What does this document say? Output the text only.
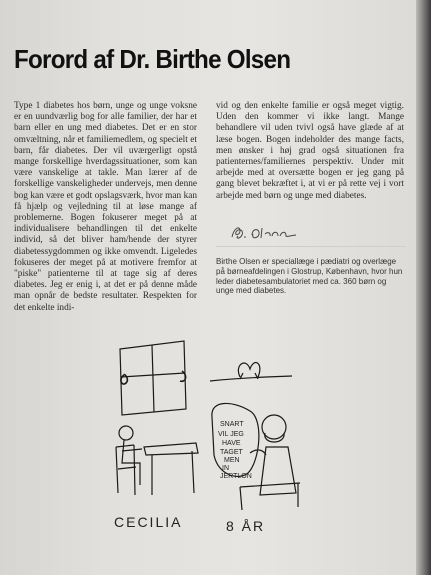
Forord af Dr. Birthe Olsen

Type 1 diabetes hos børn, unge og unge voksne er en uundværlig bog for alle familier, der har et barn eller en ung med diabetes. Det er en stor omvæltning, når et familiemedlem, og specielt et barn, får diabetes. Der vil uværgerligt opstå mange forskellige hverdagssituationer, som kan være vanskelige at takle. Man lærer af de forskellige vanskeligheder undervejs, men denne bog kan være et godt opslagsværk, hvor man kan få hjælp og vejledning til at løse mange af problemerne. Bogen fokuserer meget på at individualisere behandlingen til det enkelte individ, så det bliver ham/hende der styrer diabetessygdommen og ikke omvendt. Ligeledes fokuseres der meget på at motivere fremfor at "piske" patienterne til at tage sig af deres diabetes. Jeg er enig i, at det er på denne måde man opnår de bedste resultater. Respekten for det enkelte indi-

vid og den enkelte familie er også meget vigtig. Uden den kommer vi ikke langt. Mange behandlere vil uden tvivl også have glæde af at læse bogen. Bogen indeholder des mange facts, men ønsker i høj grad også situationen fra patienternes/familiernes perspektiv. Under mit arbejde med at oversætte bogen er jeg gang på gang blevet bekræftet i, at vi er på rette vej i vort arbejde med børn og unge med diabetes.

Birthe Olsen er speciallæge i pædiatri og overlæge på børneafdelingen i Glostrup, København, hvor hun leder diabetesambulatoriet med ca. 360 børn og unge med diabetes.

SNART
VIL JEG
HAVE
TAGET
MEN
IN
JERTLON
CECILIA	8 ÅR
